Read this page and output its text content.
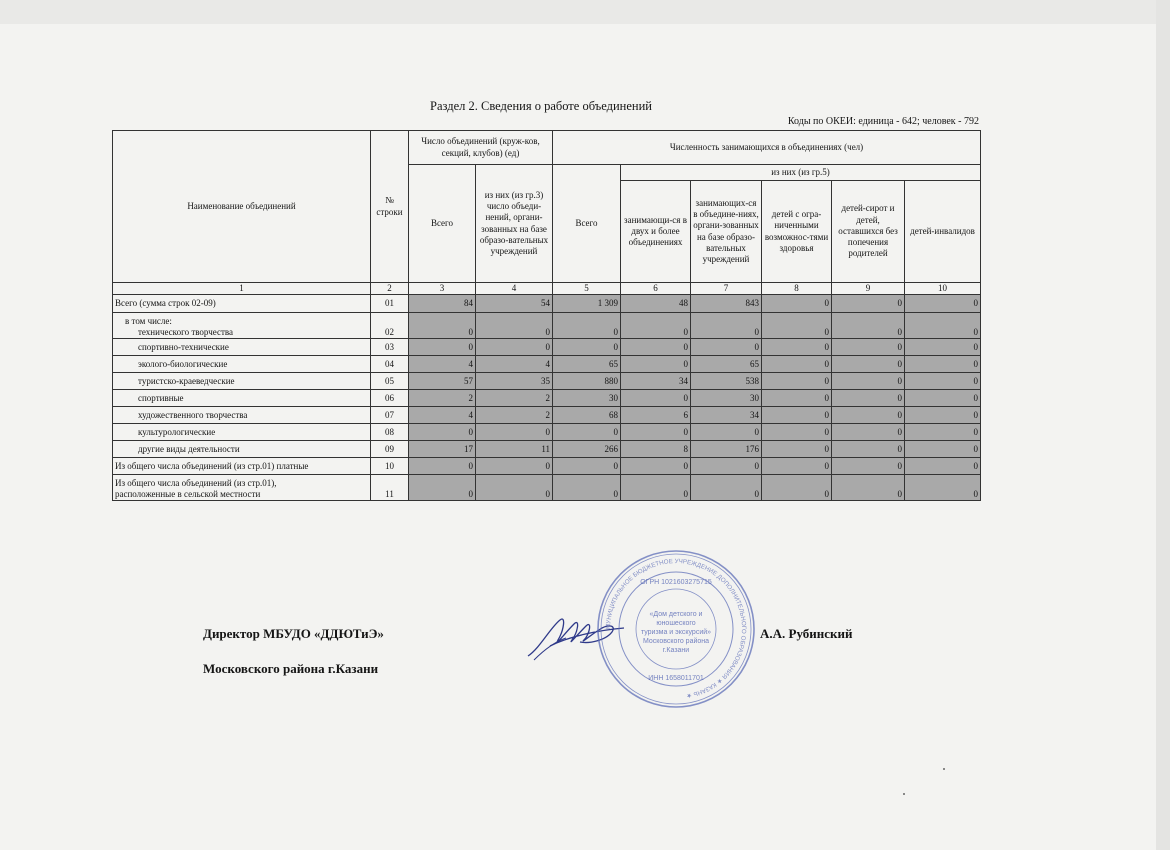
Раздел 2. Сведения о работе объединений
Коды по ОКЕИ: единица - 642; человек - 792
Наименование объединений	№ строки	Число объединений (круж-ков, секций, клубов) (ед)		Численность занимающихся в объединениях (чел)					
		Всего	из них (из гр.3) число объеди-нений, органи-зованных на базе образо-вательных учреждений	Всего	из них (из гр.5)				
					занимающи-ся в двух и более объединениях	занимающих-ся в объедине-ниях, органи-зованных на базе образо-вательных учреждений	детей с огра-ниченными возможнос-тями здоровья	детей-сирот и детей, оставшихся без попечения родителей	детей-инвалидов
1	2	3	4	5	6	7	8	9	10
Всего (сумма строк 02-09)	01	84	54	1 309	48	843	0	0	0

в том числе:
технического творчества	02	0	0	0	0	0	0	0	0
спортивно-технические	03	0	0	0	0	0	0	0	0
эколого-биологические	04	4	4	65	0	65	0	0	0
туристско-краеведческие	05	57	35	880	34	538	0	0	0
спортивные	06	2	2	30	0	30	0	0	0
художественного творчества	07	4	2	68	6	34	0	0	0
культурологические	08	0	0	0	0	0	0	0	0
другие виды деятельности	09	17	11	266	8	176	0	0	0
Из общего числа объединений (из стр.01) платные	10	0	0	0	0	0	0	0	0

Из общего числа объединений (из стр.01),
расположенные в сельской местности	11	0	0	0	0	0	0	0	0
Директор МБУДО «ДДЮТиЭ»
Московского района г.Казани
А.А. Рубинский
МУНИЦИПАЛЬНОЕ БЮДЖЕТНОЕ УЧРЕЖДЕНИЕ ДОПОЛНИТЕЛЬНОГО ОБРАЗОВАНИЯ ★ КАЗАНЬ ★
ОГРН 1021603275715
«Дом детского и
юношеского
туризма и экскурсий»
Московского района
г.Казани
ИНН 1658011701
